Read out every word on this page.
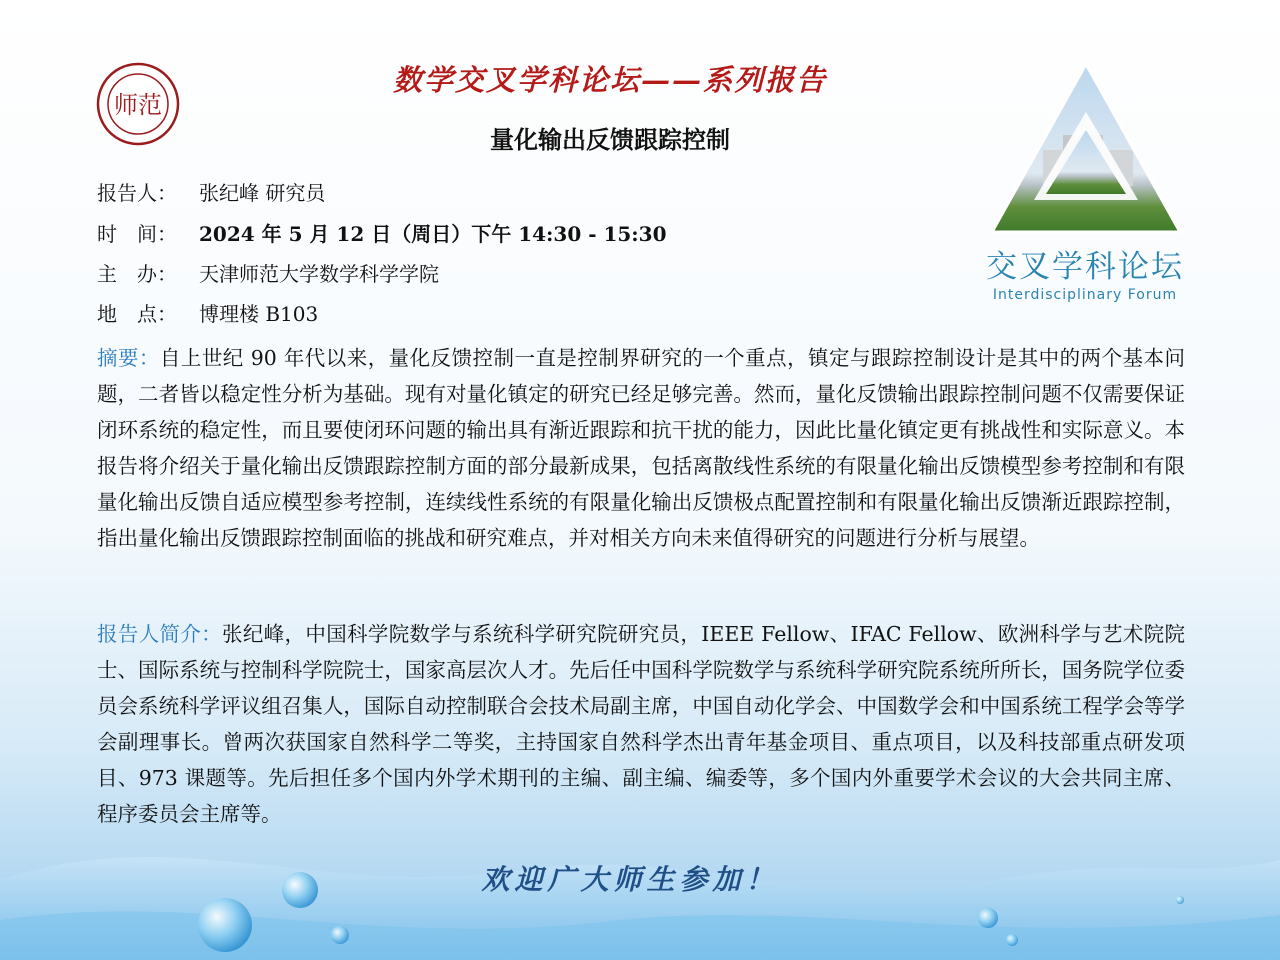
师范
数学交叉学科论坛——系列报告
量化输出反馈跟踪控制
交叉学科论坛
Interdisciplinary Forum
报告人： 张纪峰 研究员
时　间： 2024 年 5 月 12 日（周日）下午 14:30 - 15:30
主　办： 天津师范大学数学科学学院
地　点： 博理楼 B103
摘要：自上世纪 90 年代以来，量化反馈控制一直是控制界研究的一个重点，镇定与跟踪控制设计是其中的两个基本问题，二者皆以稳定性分析为基础。现有对量化镇定的研究已经足够完善。然而，量化反馈输出跟踪控制问题不仅需要保证闭环系统的稳定性，而且要使闭环问题的输出具有渐近跟踪和抗干扰的能力，因此比量化镇定更有挑战性和实际意义。本报告将介绍关于量化输出反馈跟踪控制方面的部分最新成果，包括离散线性系统的有限量化输出反馈模型参考控制和有限量化输出反馈自适应模型参考控制，连续线性系统的有限量化输出反馈极点配置控制和有限量化输出反馈渐近跟踪控制，指出量化输出反馈跟踪控制面临的挑战和研究难点，并对相关方向未来值得研究的问题进行分析与展望。
报告人简介：张纪峰，中国科学院数学与系统科学研究院研究员，IEEE Fellow、IFAC Fellow、欧洲科学与艺术院院士、国际系统与控制科学院院士，国家高层次人才。先后任中国科学院数学与系统科学研究院系统所所长，国务院学位委员会系统科学评议组召集人，国际自动控制联合会技术局副主席，中国自动化学会、中国数学会和中国系统工程学会等学会副理事长。曾两次获国家自然科学二等奖，主持国家自然科学杰出青年基金项目、重点项目，以及科技部重点研发项目、973 课题等。先后担任多个国内外学术期刊的主编、副主编、编委等，多个国内外重要学术会议的大会共同主席、程序委员会主席等。
欢迎广大师生参加！
